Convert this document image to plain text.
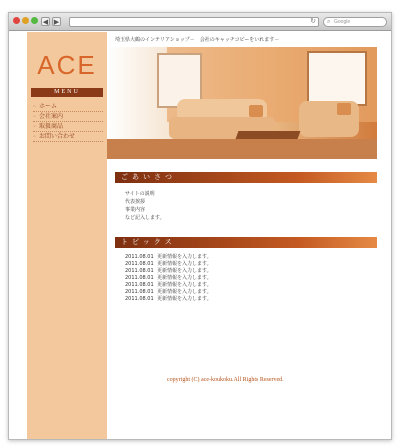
◀ ▶	↻ ⌕ Google
ACE
MENU
◦ ホーム
◦ 会社案内
◦ 取扱商品
◦ お問い合わせ
埼玉県大鶴のインテリアショップ－　会社のキャッチコピーをいれます－
ごあいさつ
サイトの説明
代表挨拶
事業内容
など記入します。
トピックス
2011.08.01 更新情報を入力します。
2011.08.01 更新情報を入力します。
2011.08.01 更新情報を入力します。
2011.08.01 更新情報を入力します。
2011.08.01 更新情報を入力します。
2011.08.01 更新情報を入力します。
2011.08.01 更新情報を入力します。
copyright (C) ace-koukoku.All Rights Reserved.
